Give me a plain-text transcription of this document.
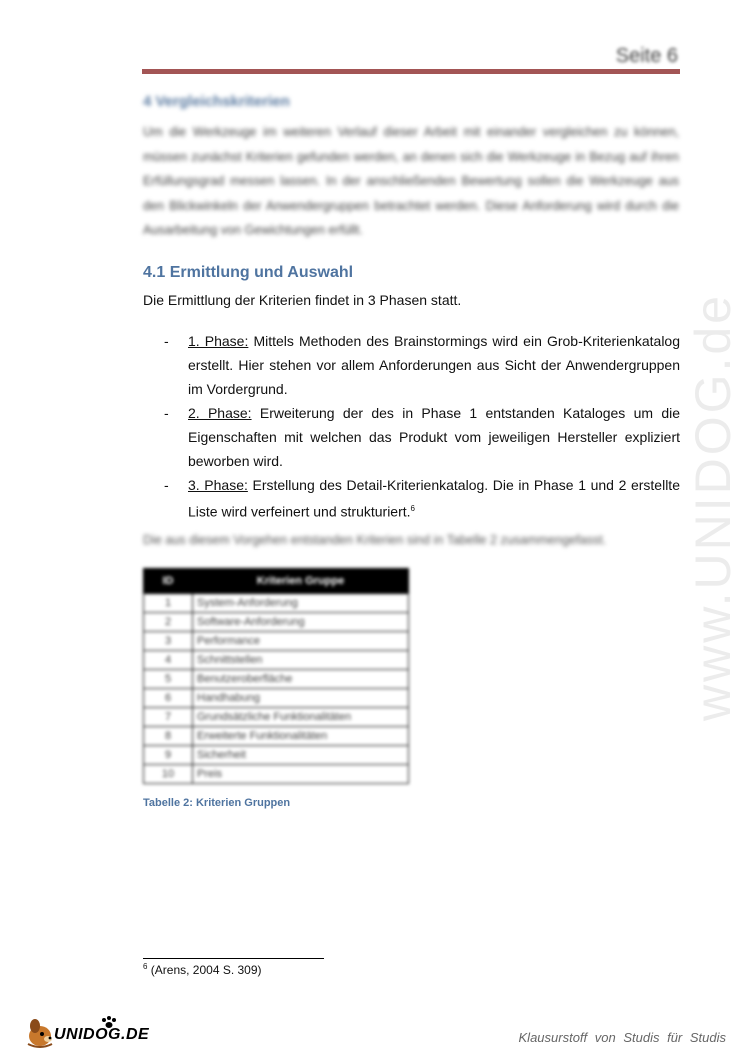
www.UNIDOG.de
Seite 6
4 Vergleichskriterien
Um die Werkzeuge im weiteren Verlauf dieser Arbeit mit einander vergleichen zu können, müssen zunächst Kriterien gefunden werden, an denen sich die Werkzeuge in Bezug auf ihren Erfüllungsgrad messen lassen. In der anschließenden Bewertung sollen die Werkzeuge aus den Blickwinkeln der Anwendergruppen betrachtet werden. Diese Anforderung wird durch die Ausarbeitung von Gewichtungen erfüllt.
4.1 Ermittlung und Auswahl
Die Ermittlung der Kriterien findet in 3 Phasen statt.
- 1. Phase: Mittels Methoden des Brainstormings wird ein Grob-Kriterienkatalog erstellt. Hier stehen vor allem Anforderungen aus Sicht der Anwendergruppen im Vordergrund.
- 2. Phase: Erweiterung der des in Phase 1 entstanden Kataloges um die Eigenschaften mit welchen das Produkt vom jeweiligen Hersteller expliziert beworben wird.
- 3. Phase: Erstellung des Detail-Kriterienkatalog. Die in Phase 1 und 2 erstellte Liste wird verfeinert und strukturiert.$^6$
Die aus diesem Vorgehen entstanden Kriterien sind in Tabelle 2 zusammengefasst.
ID	Kriterien Gruppe
1	System-Anforderung
2	Software-Anforderung
3	Performance
4	Schnittstellen
5	Benutzeroberfläche
6	Handhabung
7	Grundsätzliche Funktionalitäten
8	Erweiterte Funktionalitäten
9	Sicherheit
10	Preis
Tabelle 2: Kriterien Gruppen
$^6$ (Arens, 2004 S. 309)
UNIDOG.DE	Klausurstoff von Studis für Studis
